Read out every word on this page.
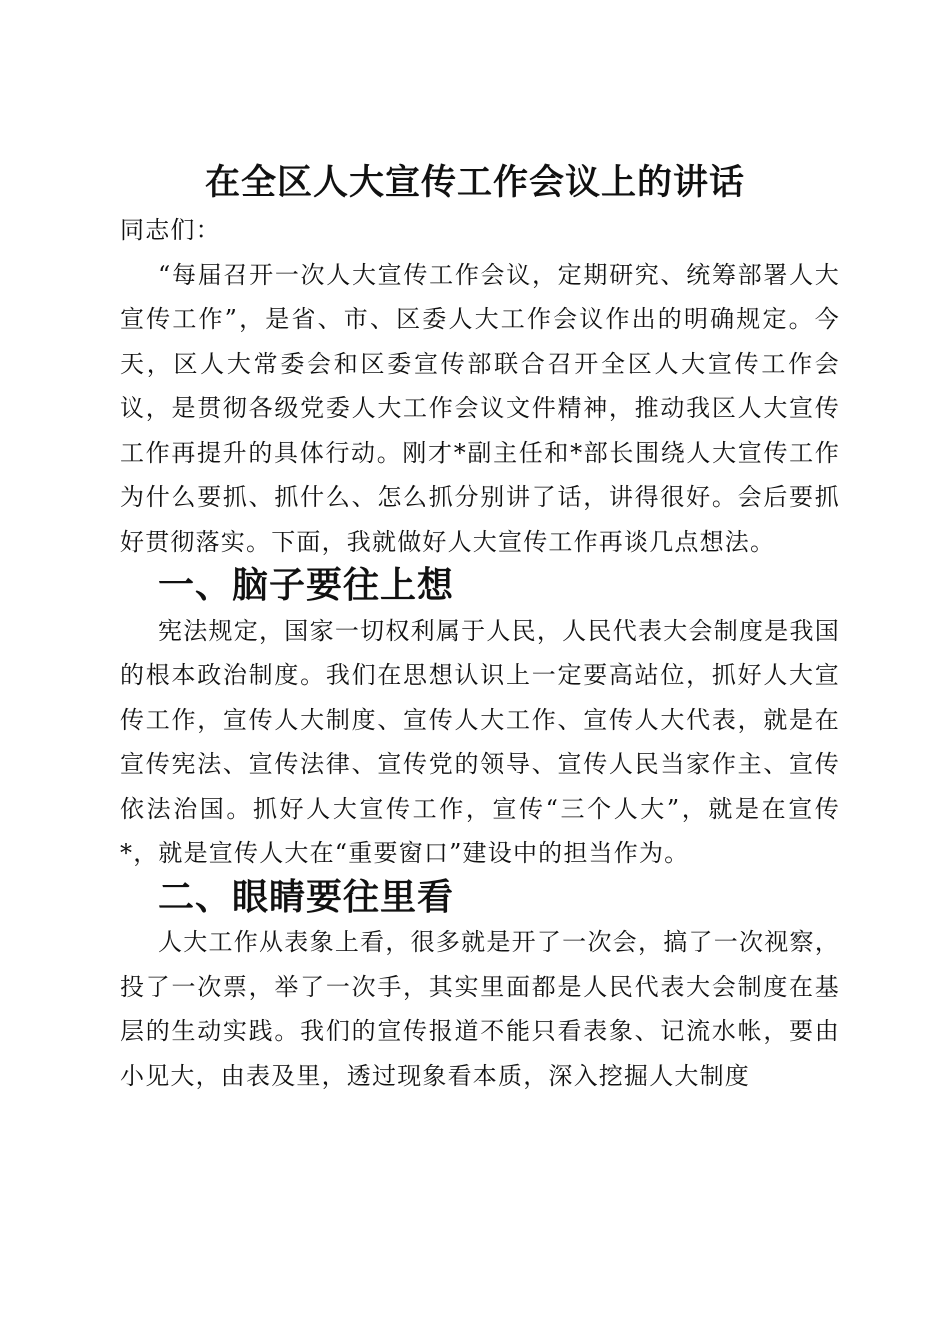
在全区人大宣传工作会议上的讲话

同志们：

“每届召开一次人大宣传工作会议，定期研究、统筹部署人大宣传工作”，是省、市、区委人大工作会议作出的明确规定。今天，区人大常委会和区委宣传部联合召开全区人大宣传工作会议，是贯彻各级党委人大工作会议文件精神，推动我区人大宣传工作再提升的具体行动。刚才*副主任和*部长围绕人大宣传工作为什么要抓、抓什么、怎么抓分别讲了话，讲得很好。会后要抓好贯彻落实。下面，我就做好人大宣传工作再谈几点想法。

一、脑子要往上想

宪法规定，国家一切权利属于人民，人民代表大会制度是我国的根本政治制度。我们在思想认识上一定要高站位，抓好人大宣传工作，宣传人大制度、宣传人大工作、宣传人大代表，就是在宣传宪法、宣传法律、宣传党的领导、宣传人民当家作主、宣传依法治国。抓好人大宣传工作，宣传“三个人大”，就是在宣传*，就是宣传人大在“重要窗口”建设中的担当作为。

二、眼睛要往里看

人大工作从表象上看，很多就是开了一次会，搞了一次视察，投了一次票，举了一次手，其实里面都是人民代表大会制度在基层的生动实践。我们的宣传报道不能只看表象、记流水帐，要由小见大，由表及里，透过现象看本质，深入挖掘人大制度
